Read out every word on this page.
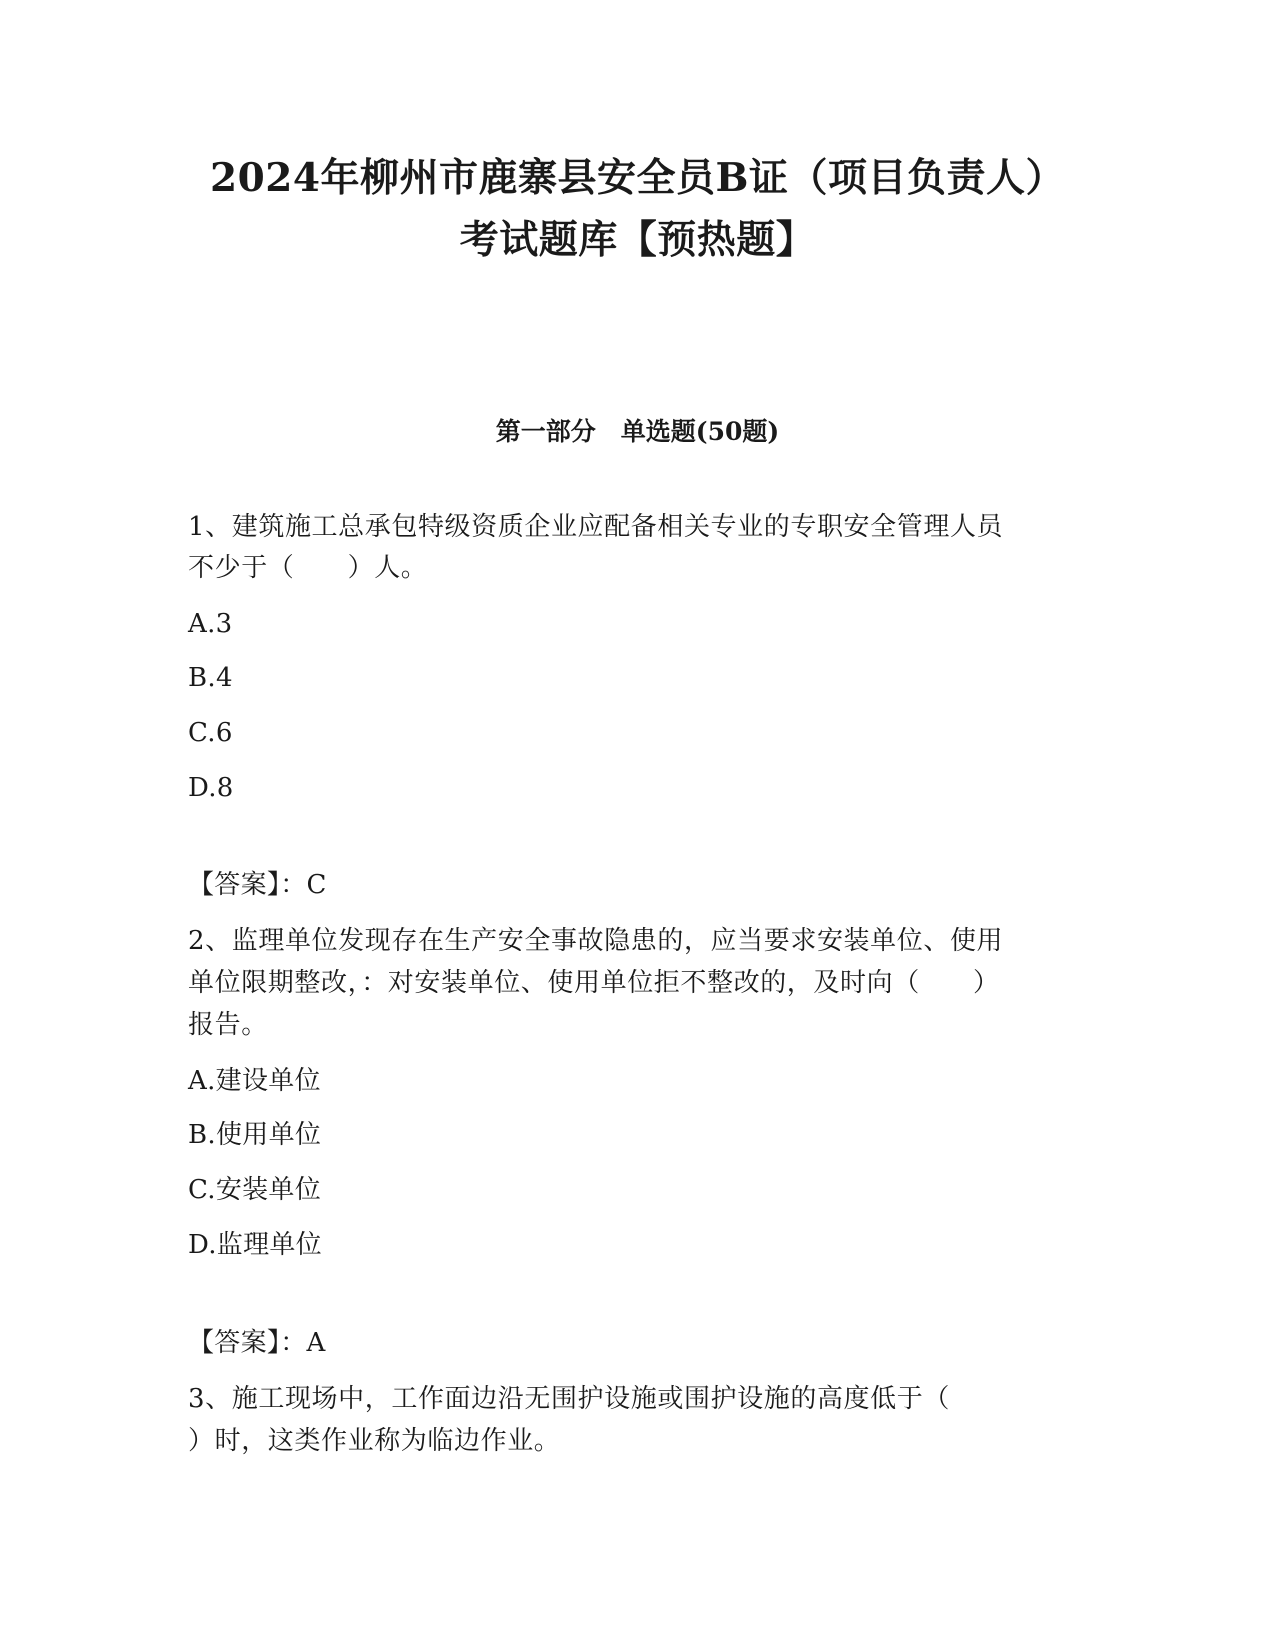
2024年柳州市鹿寨县安全员B证（项目负责人）
考试题库【预热题】
第一部分　单选题(50题)

1、建筑施工总承包特级资质企业应配备相关专业的专职安全管理人员

不少于（　　）人。

A.3

B.4

C.6

D.8

【答案】：C

2、监理单位发现存在生产安全事故隐患的，应当要求安装单位、使用

单位限期整改，：对安装单位、使用单位拒不整改的，及时向（　　）

报告。

A.建设单位

B.使用单位

C.安装单位

D.监理单位

【答案】：A

3、施工现场中，工作面边沿无围护设施或围护设施的高度低于（

）时，这类作业称为临边作业。
